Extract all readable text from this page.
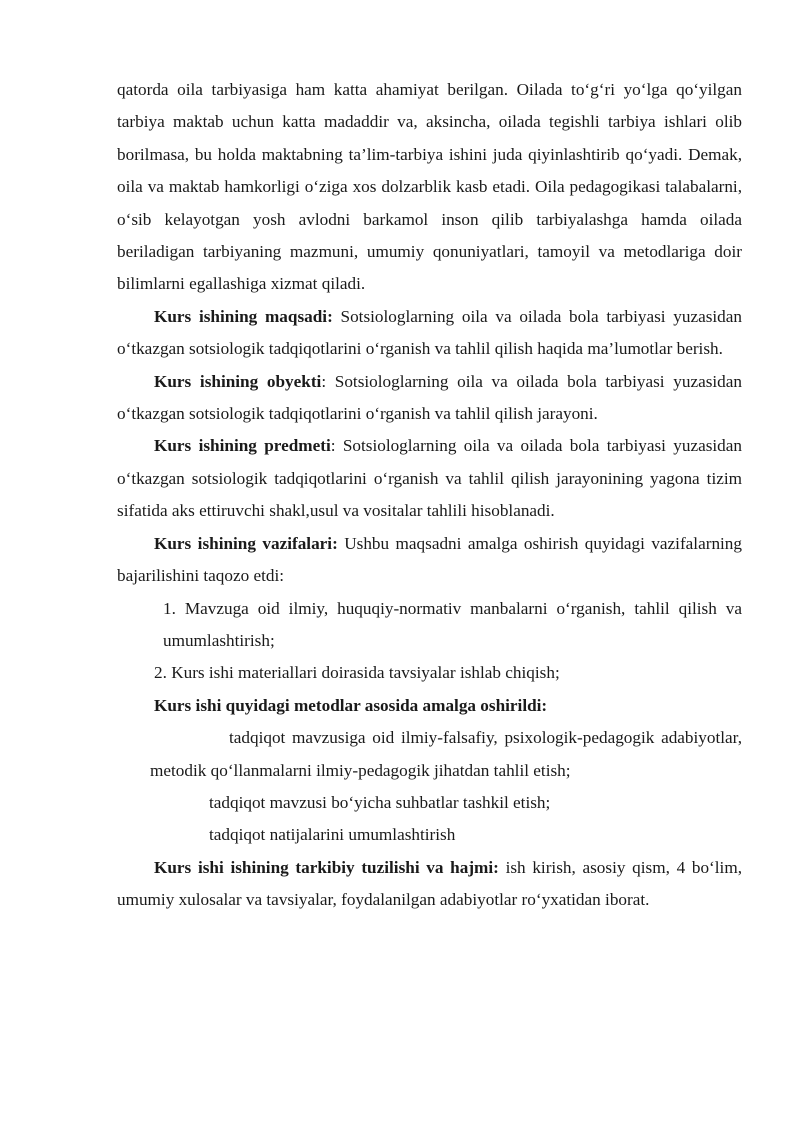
qatorda oila tarbiyasiga ham katta ahamiyat berilgan. Oilada to‘g‘ri yo‘lga qo‘yilgan tarbiya maktab uchun katta madaddir va, aksincha, oilada tegishli tarbiya ishlari olib borilmasa, bu holda maktabning ta’lim-tarbiya ishini juda qiyinlashtirib qo‘yadi. Demak, oila va maktab hamkorligi o‘ziga xos dolzarblik kasb etadi. Oila pedagogikasi talabalarni, o‘sib kelayotgan yosh avlodni barkamol inson qilib tarbiyalashga hamda oilada beriladigan tarbiyaning mazmuni, umumiy qonuniyatlari, tamoyil va metodlariga doir bilimlarni egallashiga xizmat qiladi.

Kurs ishining maqsadi: Sotsiologlarning oila va oilada bola tarbiyasi yuzasidan o‘tkazgan sotsiologik tadqiqotlarini o‘rganish va tahlil qilish haqida ma’lumotlar berish.

Kurs ishining obyekti: Sotsiologlarning oila va oilada bola tarbiyasi yuzasidan o‘tkazgan sotsiologik tadqiqotlarini o‘rganish va tahlil qilish jarayoni.

Kurs ishining predmeti: Sotsiologlarning oila va oilada bola tarbiyasi yuzasidan o‘tkazgan sotsiologik tadqiqotlarini o‘rganish va tahlil qilish jarayonining yagona tizim sifatida aks ettiruvchi shakl,usul va vositalar tahlili hisoblanadi.

Kurs ishining vazifalari: Ushbu maqsadni amalga oshirish quyidagi vazifalarning bajarilishini taqozo etdi:

1. Mavzuga oid ilmiy, huquqiy-normativ manbalarni o‘rganish, tahlil qilish va umumlashtirish;

2. Kurs ishi materiallari doirasida tavsiyalar ishlab chiqish;

Kurs ishi quyidagi metodlar asosida amalga oshirildi:

tadqiqot mavzusiga oid ilmiy-falsafiy, psixologik-pedagogik adabiyotlar, metodik qo‘llanmalarni ilmiy-pedagogik jihatdan tahlil etish;

tadqiqot mavzusi bo‘yicha suhbatlar tashkil etish;

tadqiqot natijalarini umumlashtirish

Kurs ishi ishining tarkibiy tuzilishi va hajmi: ish kirish, asosiy qism, 4 bo‘lim, umumiy xulosalar va tavsiyalar, foydalanilgan adabiyotlar ro‘yxatidan iborat.
